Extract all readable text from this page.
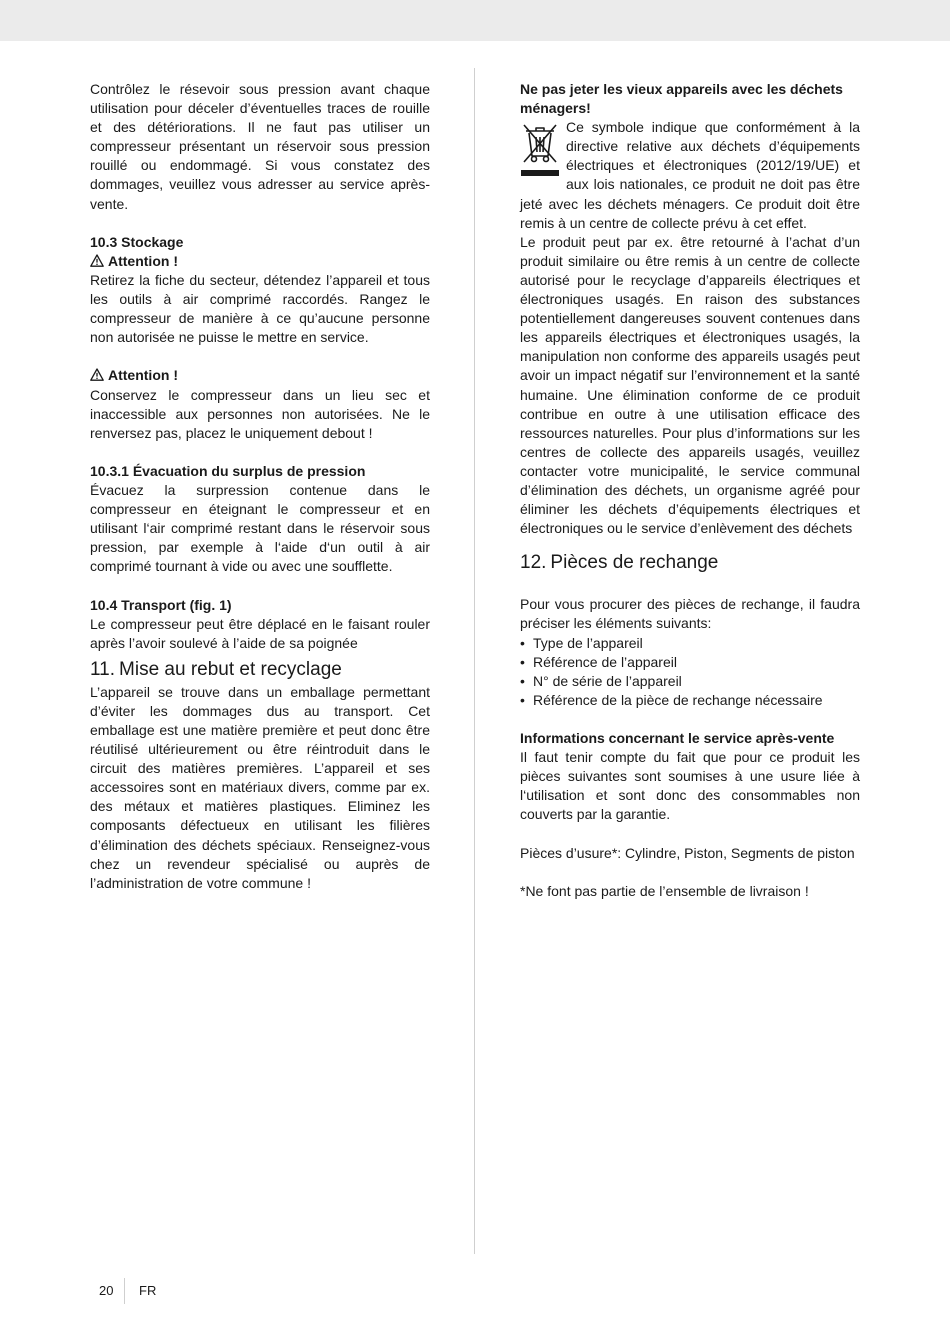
Contrôlez le résevoir sous pression avant chaque utilisation pour déceler d’éventuelles traces de rouille et des détériorations. Il ne faut pas utiliser un compresseur présentant un réservoir sous pression rouillé ou endommagé. Si vous constatez des dommages, veuillez vous adresser au service après-vente.

10.3 Stockage
Attention !

Retirez la fiche du secteur, détendez l’appareil et tous les outils à air comprimé raccordés. Rangez le compresseur de manière à ce qu’aucune personne non autorisée ne puisse le mettre en service.

Attention !

Conservez le compresseur dans un lieu sec et inaccessible aux personnes non autorisées. Ne le renversez pas, placez le uniquement debout !

10.3.1 Évacuation du surplus de pression

Évacuez la surpression contenue dans le compresseur en éteignant le compresseur et en utilisant l‘air comprimé restant dans le réservoir sous pression, par exemple à l‘aide d‘un outil à air comprimé tournant à vide ou avec une soufflette.

10.4 Transport (fig. 1)

Le compresseur peut être déplacé en le faisant rouler après l’avoir soulevé à l’aide de sa poignée

11. Mise au rebut et recyclage

L’appareil se trouve dans un emballage permettant d’éviter les dommages dus au transport. Cet emballage est une matière première et peut donc être réutilisé ultérieurement ou être réintroduit dans le circuit des matières premières. L’appareil et ses accessoires sont en matériaux divers, comme par ex. des métaux et matières plastiques. Eliminez les composants défectueux en utilisant les filières d’élimination des déchets spéciaux. Renseignez-vous chez un revendeur spécialisé ou auprès de l’administration de votre commune !

Ne pas jeter les vieux appareils avec les déchets ménagers!

Ce symbole indique que conformément à la directive relative aux déchets d’équipements électriques et électroniques (2012/19/UE) et aux lois nationales, ce produit ne doit pas être jeté avec les déchets ménagers. Ce produit doit être remis à un centre de collecte prévu à cet effet.

Le produit peut par ex. être retourné à l’achat d’un produit similaire ou être remis à un centre de collecte autorisé pour le recyclage d’appareils électriques et électroniques usagés. En raison des substances potentiellement dangereuses souvent contenues dans les appareils électriques et électroniques usagés, la manipulation non conforme des appareils usagés peut avoir un impact négatif sur l’environnement et la santé humaine. Une élimination conforme de ce produit contribue en outre à une utilisation efficace des ressources naturelles. Pour plus d’informations sur les centres de collecte des appareils usagés, veuillez contacter votre municipalité, le service communal d’élimination des déchets, un organisme agréé pour éliminer les déchets d’équipements électriques et électroniques ou le service d’enlèvement des déchets

12. Pièces de rechange

Pour vous procurer des pièces de rechange, il faudra préciser les éléments suivants:

• Type de l’appareil
• Référence de l’appareil
• N° de série de l’appareil
• Référence de la pièce de rechange nécessaire
Informations concernant le service après-vente

Il faut tenir compte du fait que pour ce produit les pièces suivantes sont soumises à une usure liée à l‘utilisation et sont donc des consommables non couverts par la garantie.

Pièces d’usure*: Cylindre, Piston, Segments de piston

*Ne font pas partie de l’ensemble de livraison !

20 FR
